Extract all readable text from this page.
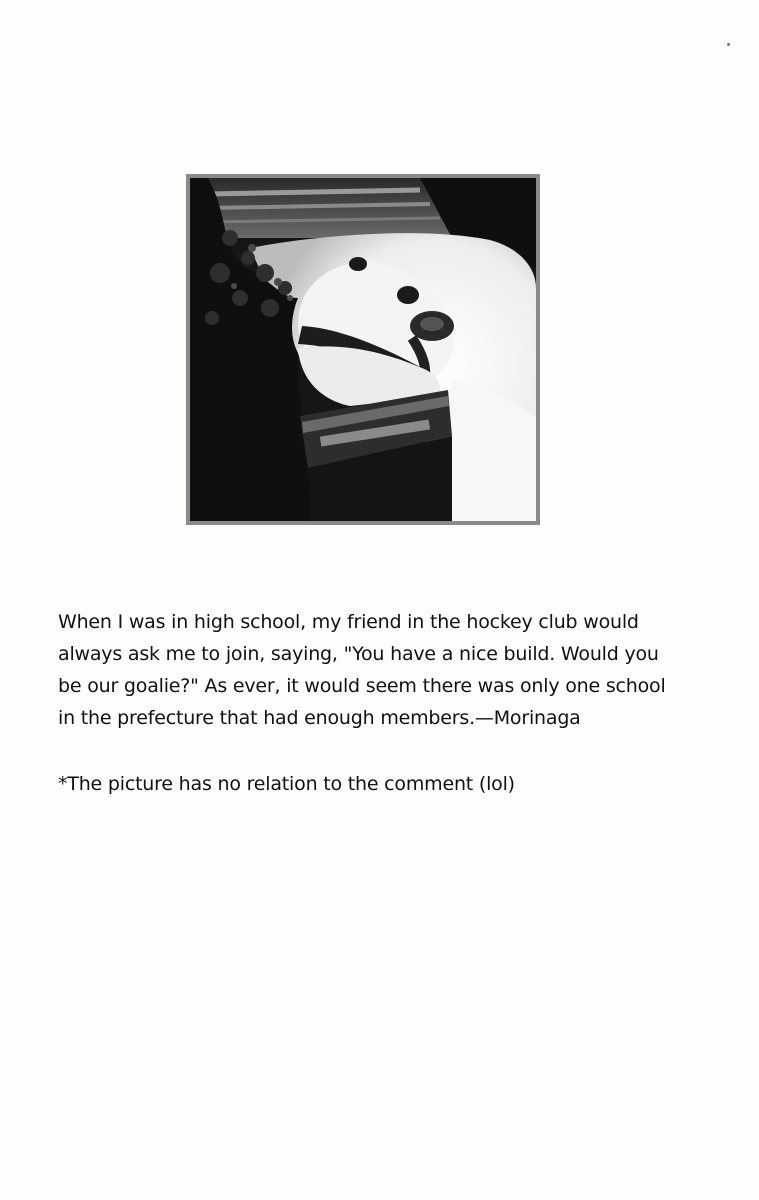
When I was in high school, my friend in the hockey club would
always ask me to join, saying, "You have a nice build. Would you
be our goalie?" As ever, it would seem there was only one school
in the prefecture that had enough members.—Morinaga

*The picture has no relation to the comment (lol)
